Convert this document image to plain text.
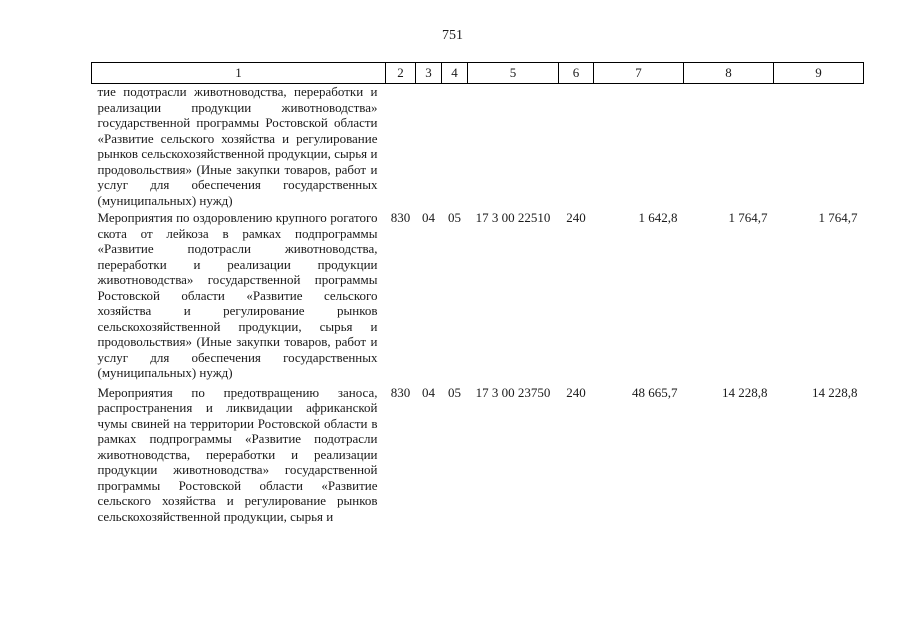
751
1	2	3	4	5	6	7	8	9
тие подотрасли животноводства, переработки и реализации продукции животноводства» государственной программы Ростовской области «Развитие сельского хозяйства и регулирование рынков сельскохозяйственной продукции, сырья и продовольствия» (Иные закупки товаров, работ и услуг для обеспечения государственных (муниципальных) нужд)								
Мероприятия по оздоровлению крупного рогатого скота от лейкоза в рамках подпрограммы «Развитие подотрасли животноводства, переработки и реализации продукции животноводства» государственной программы Ростовской области «Развитие сельского хозяйства и регулирование рынков сельскохозяйственной продукции, сырья и продовольствия» (Иные закупки товаров, работ и услуг для обеспечения государственных (муниципальных) нужд)	830	04	05	17 3 00 22510	240	1 642,8	1 764,7	1 764,7
Мероприятия по предотвращению заноса, распространения и ликвидации африканской чумы свиней на территории Ростовской области в рамках подпрограммы «Развитие подотрасли животноводства, переработки и реализации продукции животноводства» государственной программы Ростовской области «Развитие сельского хозяйства и регулирование рынков сельскохозяйственной продукции, сырья и	830	04	05	17 3 00 23750	240	48 665,7	14 228,8	14 228,8
